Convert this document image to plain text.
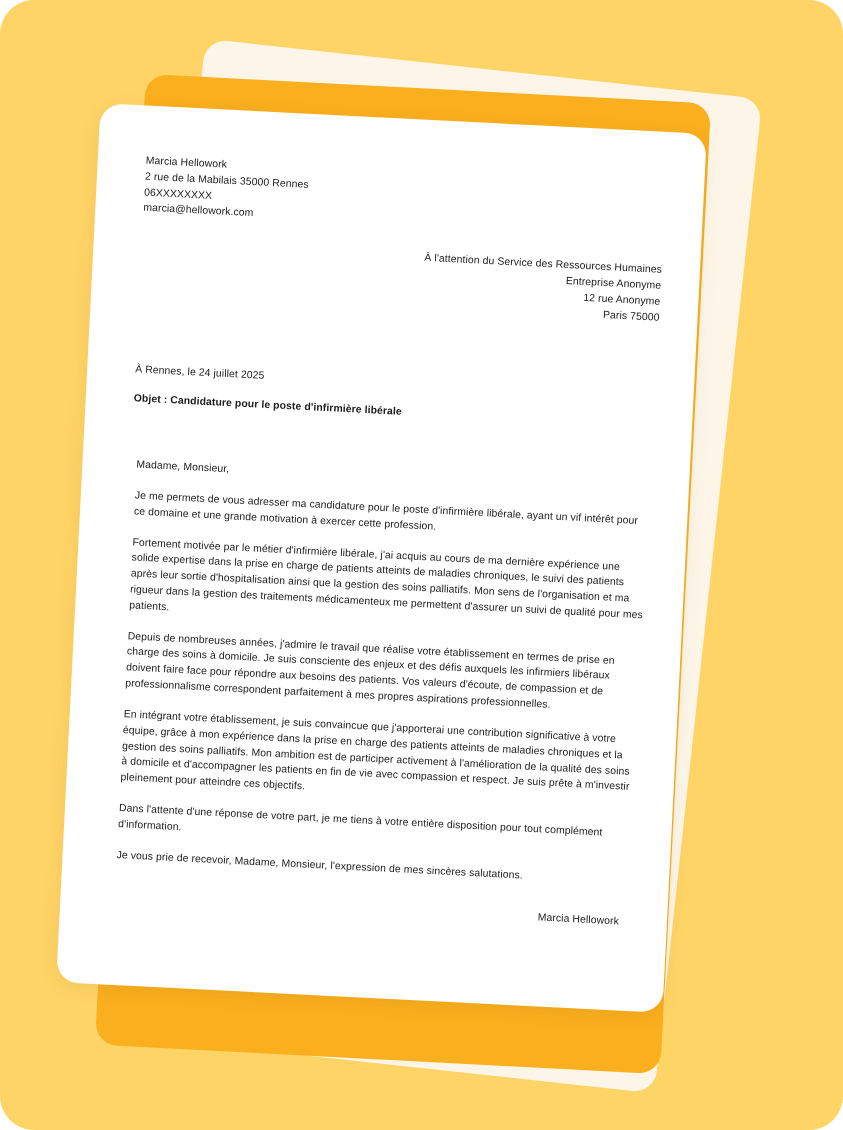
Marcia Hellowork
2 rue de la Mabilais 35000 Rennes
06XXXXXXXX
marcia@hellowork.com
À l'attention du Service des Ressources Humaines
Entreprise Anonyme
12 rue Anonyme
Paris 75000
À Rennes, le 24 juillet 2025
Objet : Candidature pour le poste d'infirmière libérale
Madame, Monsieur,
Je me permets de vous adresser ma candidature pour le poste d'infirmière libérale, ayant un vif intérêt pour ce domaine et une grande motivation à exercer cette profession.
Fortement motivée par le métier d'infirmière libérale, j'ai acquis au cours de ma dernière expérience une solide expertise dans la prise en charge de patients atteints de maladies chroniques, le suivi des patients après leur sortie d'hospitalisation ainsi que la gestion des soins palliatifs. Mon sens de l'organisation et ma rigueur dans la gestion des traitements médicamenteux me permettent d'assurer un suivi de qualité pour mes patients.
Depuis de nombreuses années, j'admire le travail que réalise votre établissement en termes de prise en charge des soins à domicile. Je suis consciente des enjeux et des défis auxquels les infirmiers libéraux doivent faire face pour répondre aux besoins des patients. Vos valeurs d'écoute, de compassion et de professionnalisme correspondent parfaitement à mes propres aspirations professionnelles.
En intégrant votre établissement, je suis convaincue que j'apporterai une contribution significative à votre équipe, grâce à mon expérience dans la prise en charge des patients atteints de maladies chroniques et la gestion des soins palliatifs. Mon ambition est de participer activement à l'amélioration de la qualité des soins à domicile et d'accompagner les patients en fin de vie avec compassion et respect. Je suis prête à m'investir pleinement pour atteindre ces objectifs.
Dans l'attente d'une réponse de votre part, je me tiens à votre entière disposition pour tout complément d'information.
Je vous prie de recevoir, Madame, Monsieur, l'expression de mes sincères salutations.
Marcia Hellowork
